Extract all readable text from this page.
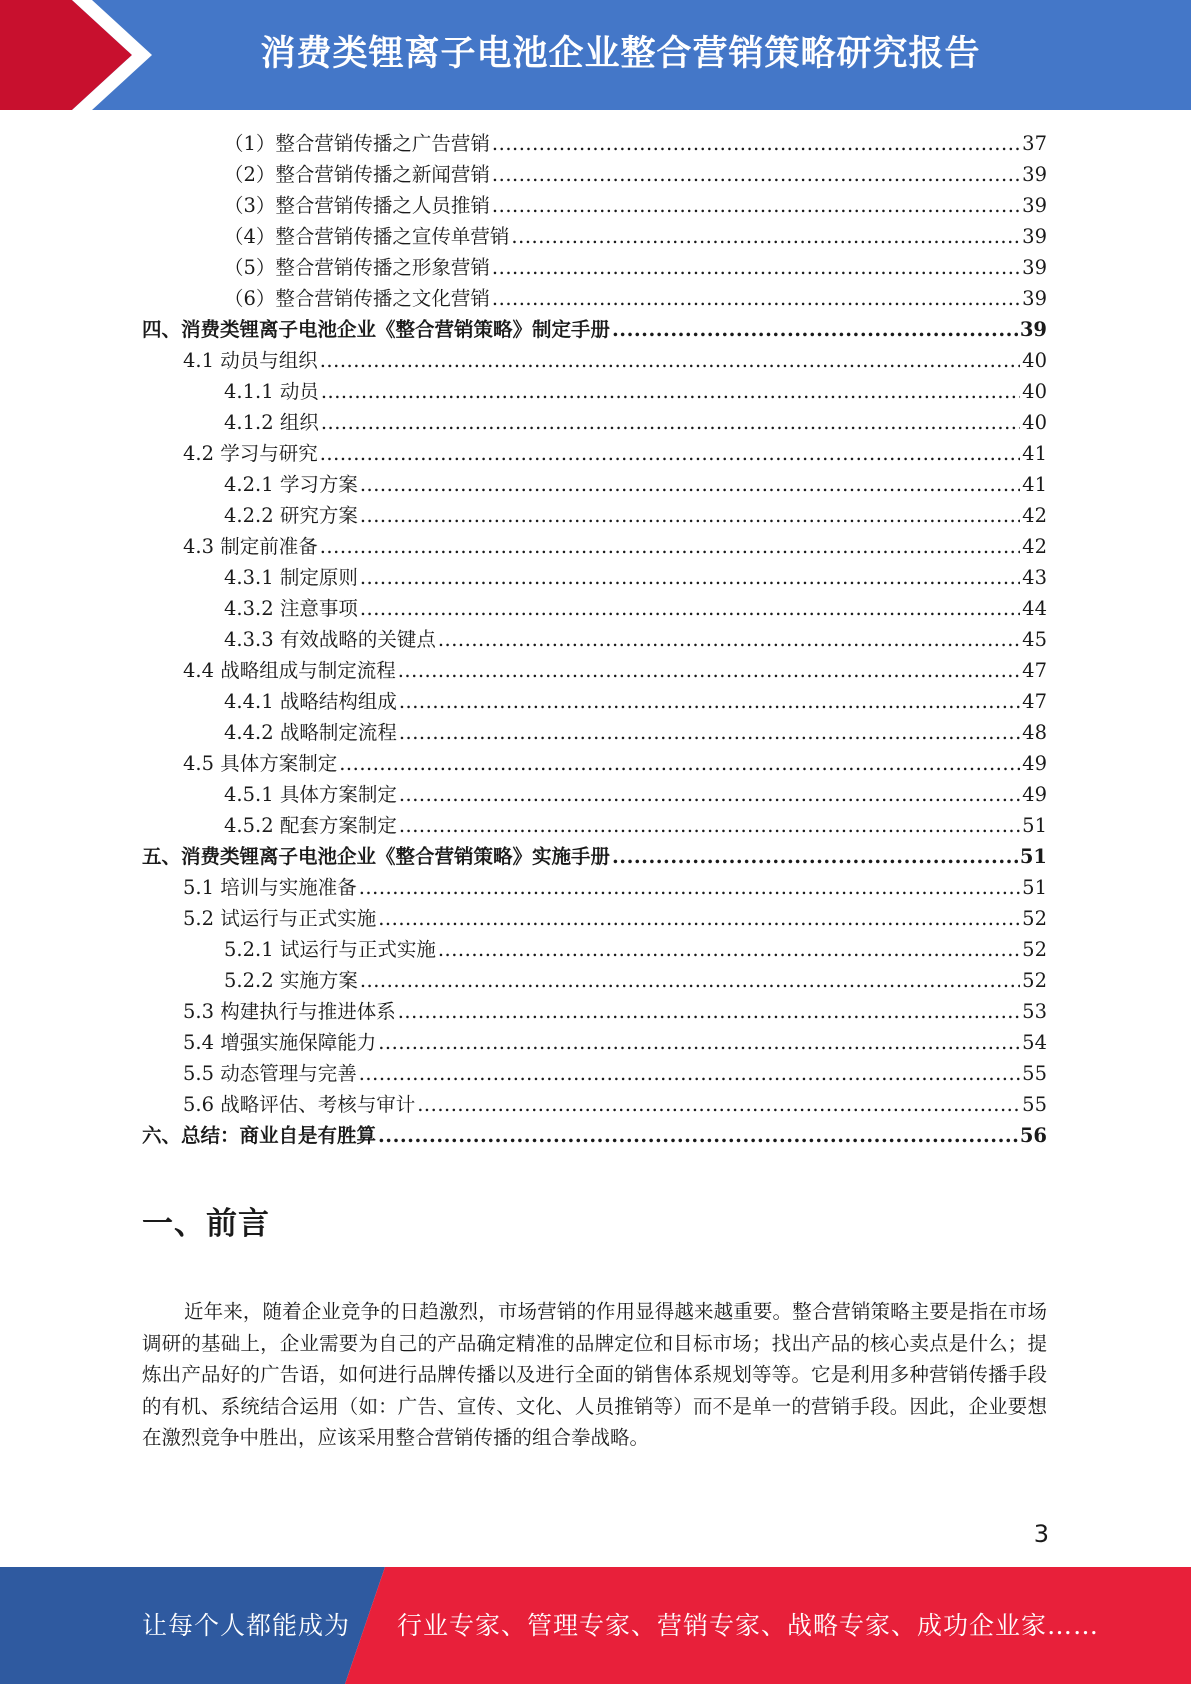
消费类锂离子电池企业整合营销策略研究报告
（1）整合营销传播之广告营销 .....	37
（2）整合营销传播之新闻营销 .....	39
（3）整合营销传播之人员推销 .....	39
（4）整合营销传播之宣传单营销 .....	39
（5）整合营销传播之形象营销 .....	39
（6）整合营销传播之文化营销 .....	39
四、消费类锂离子电池企业《整合营销策略》制定手册 .....	39
4.1 动员与组织 .....	40
4.1.1 动员 .....	40
4.1.2 组织 .....	40
4.2 学习与研究 .....	41
4.2.1 学习方案 .....	41
4.2.2 研究方案 .....	42
4.3 制定前准备 .....	42
4.3.1 制定原则 .....	43
4.3.2 注意事项 .....	44
4.3.3 有效战略的关键点 .....	45
4.4 战略组成与制定流程 .....	47
4.4.1 战略结构组成 .....	47
4.4.2 战略制定流程 .....	48
4.5 具体方案制定 .....	49
4.5.1 具体方案制定 .....	49
4.5.2 配套方案制定 .....	51
五、消费类锂离子电池企业《整合营销策略》实施手册 .....	51
5.1 培训与实施准备 .....	51
5.2 试运行与正式实施 .....	52
5.2.1 试运行与正式实施 .....	52
5.2.2 实施方案 .....	52
5.3 构建执行与推进体系 .....	53
5.4 增强实施保障能力 .....	54
5.5 动态管理与完善 .....	55
5.6 战略评估、考核与审计 .....	55
六、总结：商业自是有胜算 .....	56
一、前言
近年来，随着企业竞争的日趋激烈，市场营销的作用显得越来越重要。整合营销策略主要是指在市场调研的基础上，企业需要为自己的产品确定精准的品牌定位和目标市场；找出产品的核心卖点是什么；提炼出产品好的广告语，如何进行品牌传播以及进行全面的销售体系规划等等。它是利用多种营销传播手段的有机、系统结合运用（如：广告、宣传、文化、人员推销等）而不是单一的营销手段。因此，企业要想在激烈竞争中胜出，应该采用整合营销传播的组合拳战略。
3
让每个人都能成为 行业专家、管理专家、营销专家、战略专家、成功企业家……
